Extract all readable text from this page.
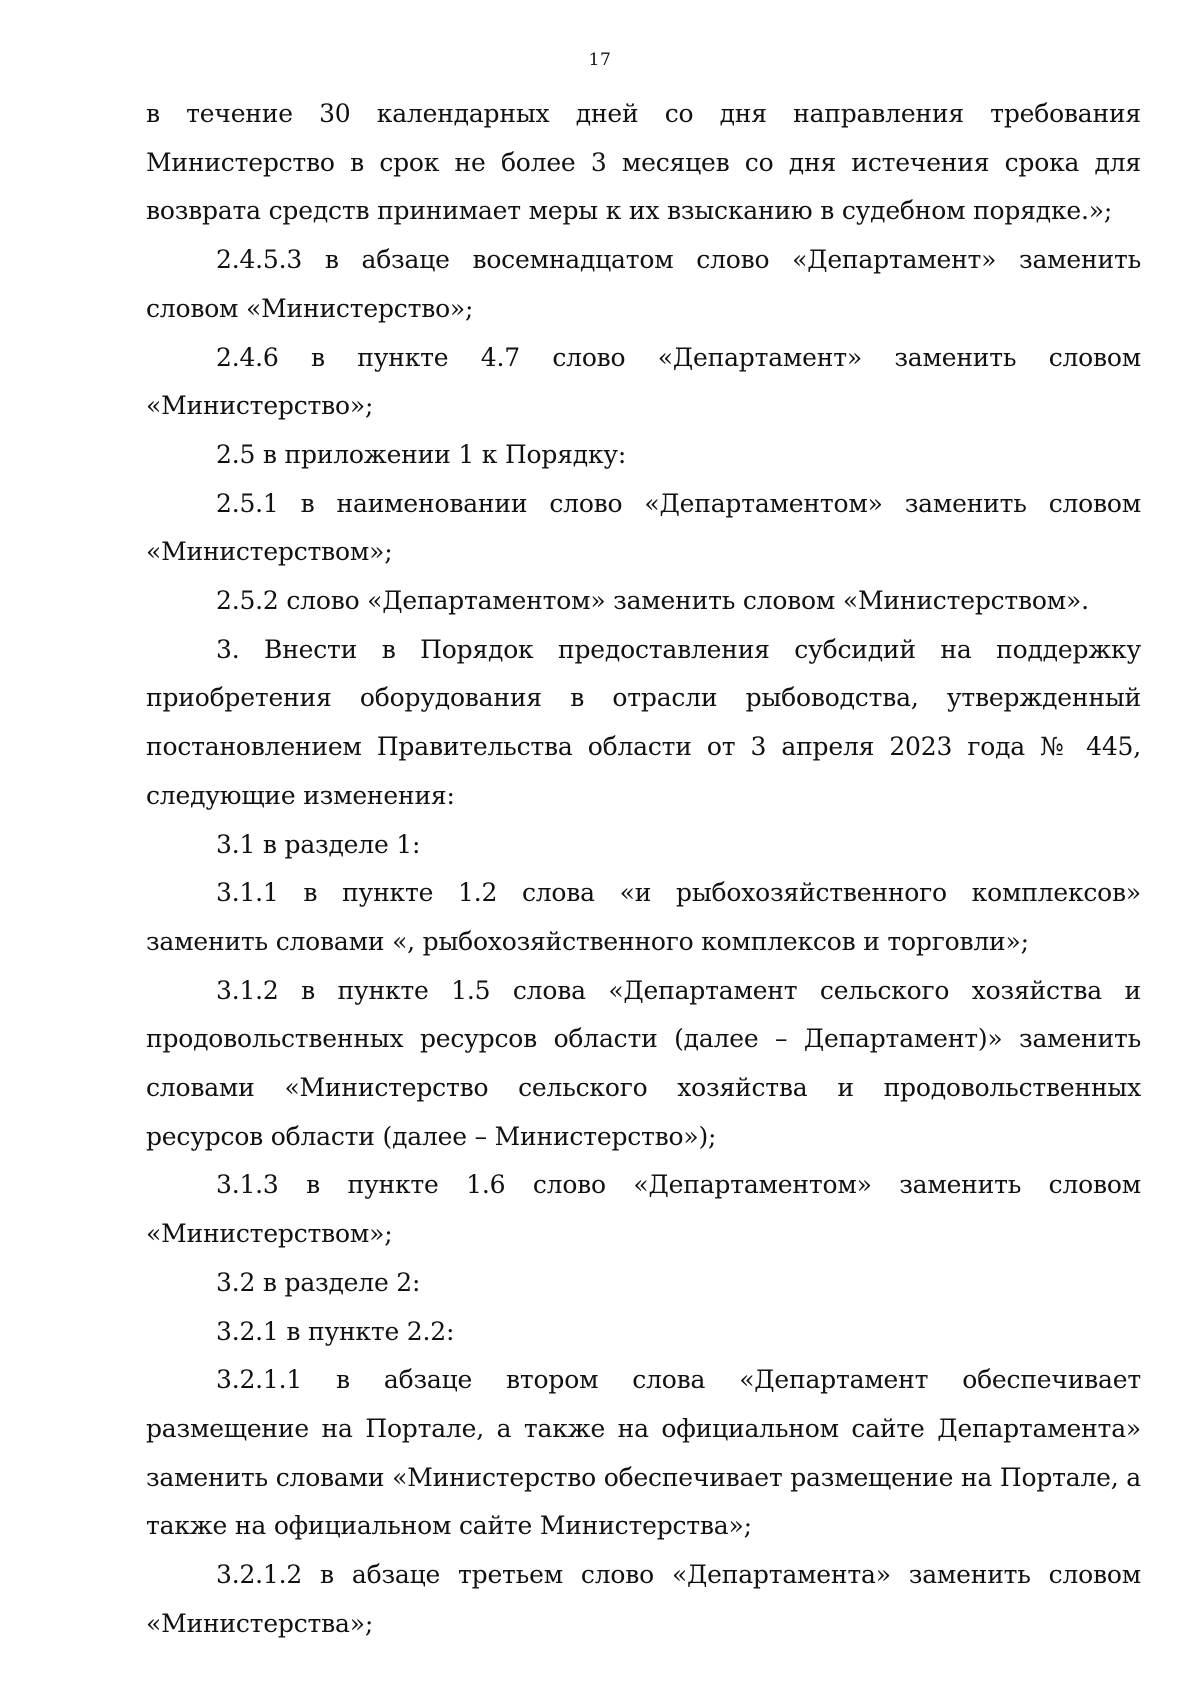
17

в течение 30 календарных дней со дня направления требования Министерство в срок не более 3 месяцев со дня истечения срока для возврата средств принимает меры к их взысканию в судебном порядке.»;

2.4.5.3 в абзаце восемнадцатом слово «Департамент» заменить словом «Министерство»;

2.4.6 в пункте 4.7 слово «Департамент» заменить словом «Министерство»;

2.5 в приложении 1 к Порядку:

2.5.1 в наименовании слово «Департаментом» заменить словом «Министерством»;

2.5.2 слово «Департаментом» заменить словом «Министерством».

3. Внести в Порядок предоставления субсидий на поддержку приобретения оборудования в отрасли рыбоводства, утвержденный постановлением Правительства области от 3 апреля 2023 года № 445, следующие изменения:

3.1 в разделе 1:

3.1.1 в пункте 1.2 слова «и рыбохозяйственного комплексов» заменить словами «, рыбохозяйственного комплексов и торговли»;

3.1.2 в пункте 1.5 слова «Департамент сельского хозяйства и продовольственных ресурсов области (далее – Департамент)» заменить словами «Министерство сельского хозяйства и продовольственных ресурсов области (далее – Министерство»);

3.1.3 в пункте 1.6 слово «Департаментом» заменить словом «Министерством»;

3.2 в разделе 2:

3.2.1 в пункте 2.2:

3.2.1.1 в абзаце втором слова «Департамент обеспечивает размещение на Портале, а также на официальном сайте Департамента» заменить словами «Министерство обеспечивает размещение на Портале, а также на официальном сайте Министерства»;

3.2.1.2 в абзаце третьем слово «Департамента» заменить словом «Министерства»;
